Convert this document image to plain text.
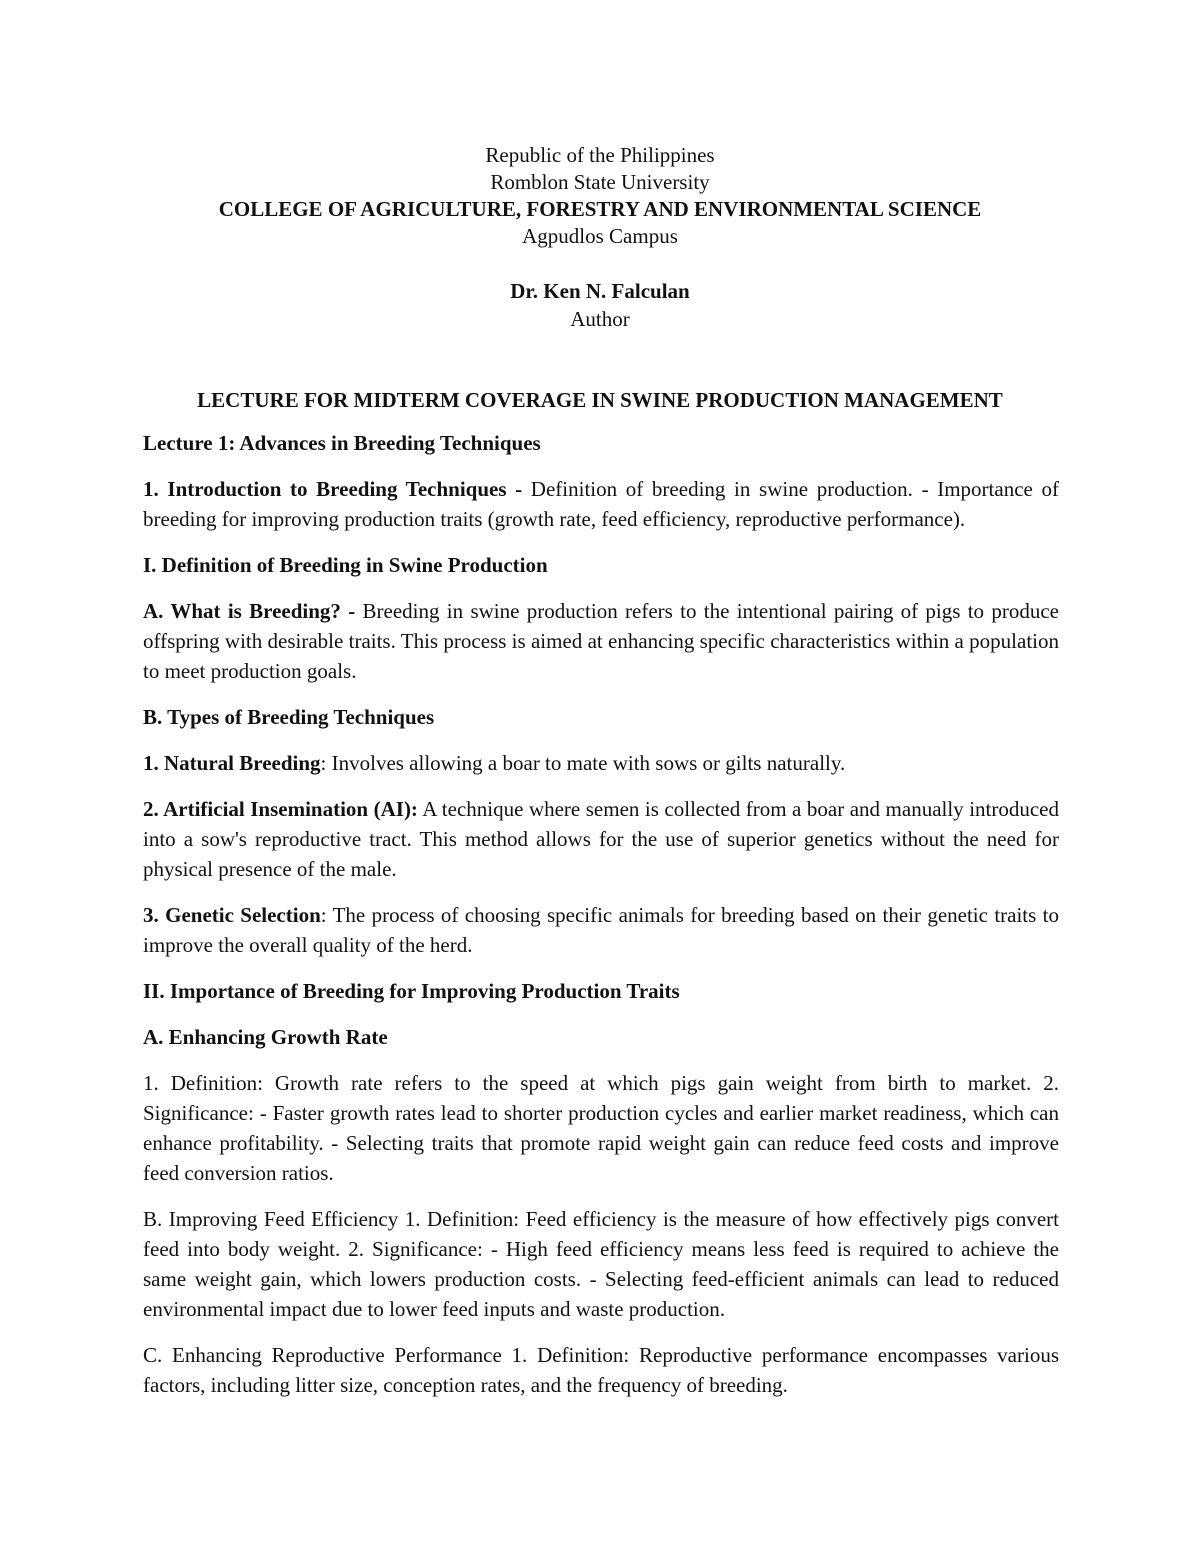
Republic of the Philippines
Romblon State University
COLLEGE OF AGRICULTURE, FORESTRY AND ENVIRONMENTAL SCIENCE
Agpudlos Campus
Dr. Ken N. Falculan
Author
LECTURE FOR MIDTERM COVERAGE IN SWINE PRODUCTION MANAGEMENT

Lecture 1: Advances in Breeding Techniques

1. Introduction to Breeding Techniques - Definition of breeding in swine production. - Importance of breeding for improving production traits (growth rate, feed efficiency, reproductive performance).

I. Definition of Breeding in Swine Production

A. What is Breeding? - Breeding in swine production refers to the intentional pairing of pigs to produce offspring with desirable traits. This process is aimed at enhancing specific characteristics within a population to meet production goals.

B. Types of Breeding Techniques

1. Natural Breeding: Involves allowing a boar to mate with sows or gilts naturally.

2. Artificial Insemination (AI): A technique where semen is collected from a boar and manually introduced into a sow's reproductive tract. This method allows for the use of superior genetics without the need for physical presence of the male.

3. Genetic Selection: The process of choosing specific animals for breeding based on their genetic traits to improve the overall quality of the herd.

II. Importance of Breeding for Improving Production Traits

A. Enhancing Growth Rate

1. Definition: Growth rate refers to the speed at which pigs gain weight from birth to market. 2. Significance: - Faster growth rates lead to shorter production cycles and earlier market readiness, which can enhance profitability. - Selecting traits that promote rapid weight gain can reduce feed costs and improve feed conversion ratios.

B. Improving Feed Efficiency 1. Definition: Feed efficiency is the measure of how effectively pigs convert feed into body weight. 2. Significance: - High feed efficiency means less feed is required to achieve the same weight gain, which lowers production costs. - Selecting feed-efficient animals can lead to reduced environmental impact due to lower feed inputs and waste production.

C. Enhancing Reproductive Performance 1. Definition: Reproductive performance encompasses various factors, including litter size, conception rates, and the frequency of breeding.
